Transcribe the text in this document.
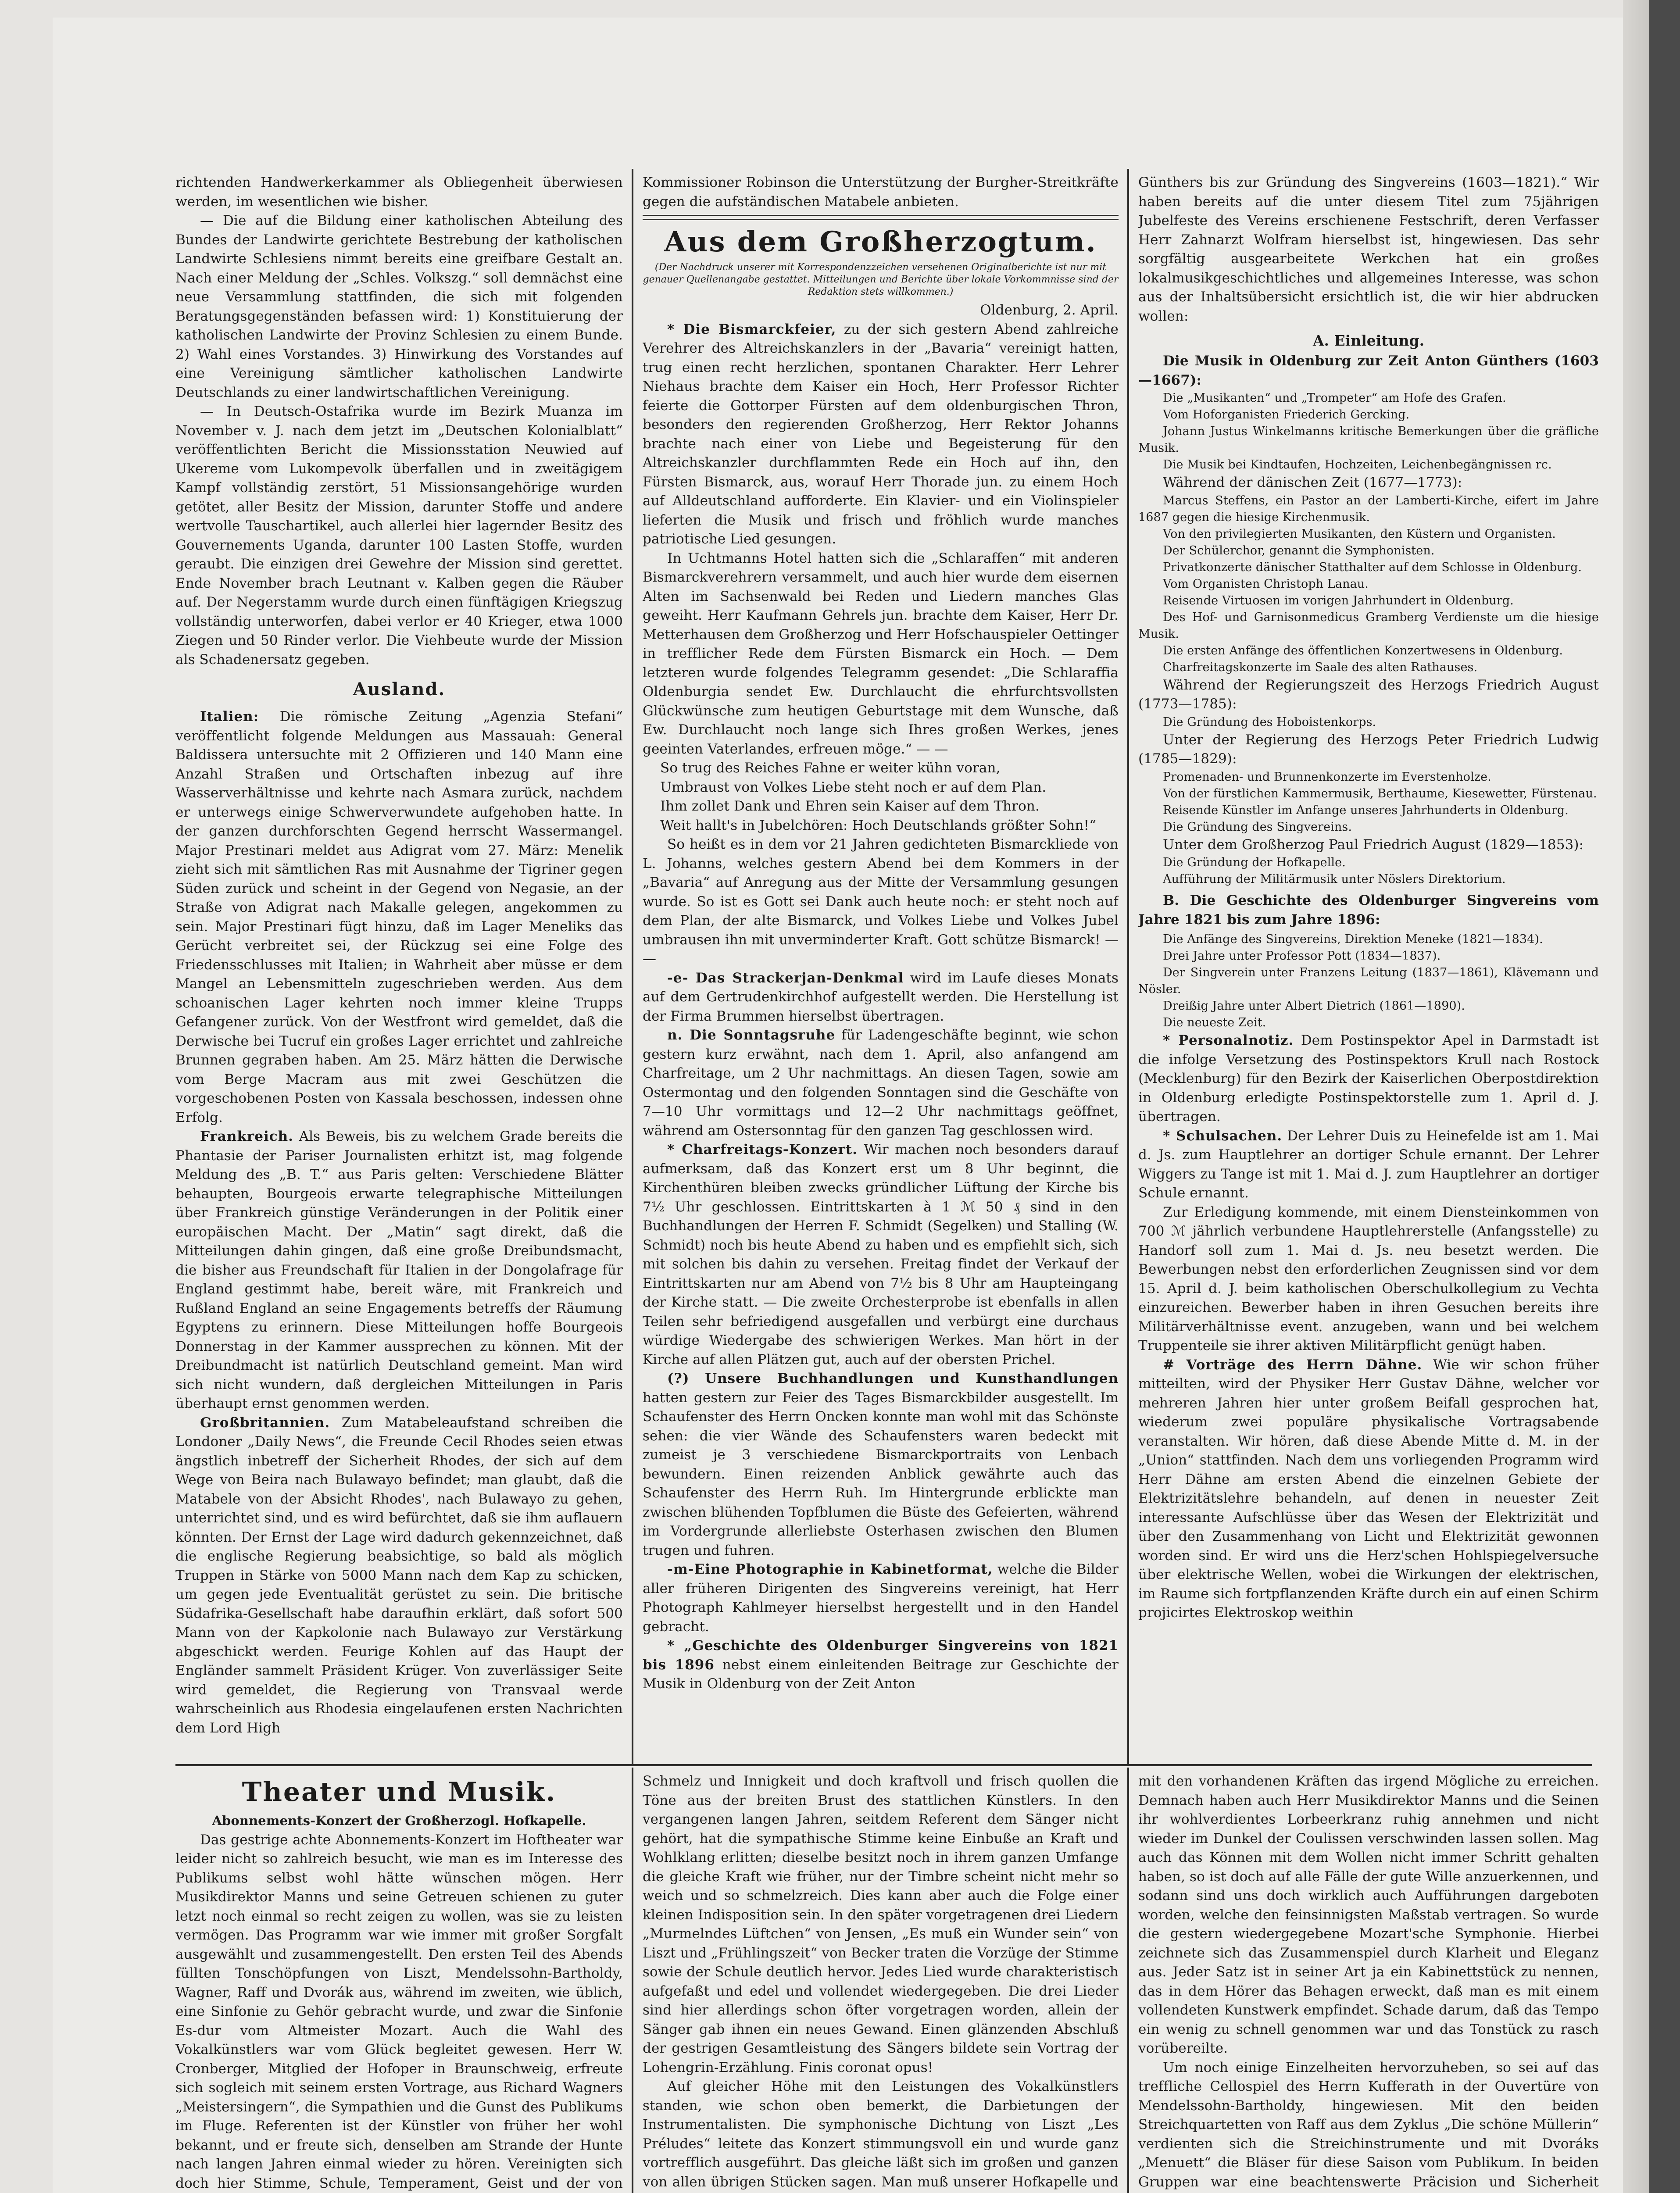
richtenden Handwerkerkammer als Obliegenheit überwiesen werden, im wesentlichen wie bisher.

— Die auf die Bildung einer katholischen Abteilung des Bundes der Landwirte gerichtete Bestrebung der katholischen Landwirte Schlesiens nimmt bereits eine greifbare Gestalt an. Nach einer Meldung der „Schles. Volkszg.“ soll demnächst eine neue Versammlung stattfinden, die sich mit folgenden Beratungsgegenständen befassen wird: 1) Konstituierung der katholischen Landwirte der Provinz Schlesien zu einem Bunde. 2) Wahl eines Vorstandes. 3) Hinwirkung des Vorstandes auf eine Vereinigung sämtlicher katholischen Landwirte Deutschlands zu einer landwirtschaftlichen Vereinigung.

— In Deutsch-Ostafrika wurde im Bezirk Muanza im November v. J. nach dem jetzt im „Deutschen Kolonialblatt“ veröffentlichten Bericht die Missionsstation Neuwied auf Ukereme vom Lukompevolk überfallen und in zweitägigem Kampf vollständig zerstört, 51 Missionsangehörige wurden getötet, aller Besitz der Mission, darunter Stoffe und andere wertvolle Tauschartikel, auch allerlei hier lagernder Besitz des Gouvernements Uganda, darunter 100 Lasten Stoffe, wurden geraubt. Die einzigen drei Gewehre der Mission sind gerettet. Ende November brach Leutnant v. Kalben gegen die Räuber auf. Der Negerstamm wurde durch einen fünftägigen Kriegszug vollständig unterworfen, dabei verlor er 40 Krieger, etwa 1000 Ziegen und 50 Rinder verlor. Die Viehbeute wurde der Mission als Schadenersatz gegeben.

Ausland.

Italien: Die römische Zeitung „Agenzia Stefani“ veröffentlicht folgende Meldungen aus Massauah: General Baldissera untersuchte mit 2 Offizieren und 140 Mann eine Anzahl Straßen und Ortschaften inbezug auf ihre Wasserverhältnisse und kehrte nach Asmara zurück, nachdem er unterwegs einige Schwerverwundete aufgehoben hatte. In der ganzen durchforschten Gegend herrscht Wassermangel. Major Prestinari meldet aus Adigrat vom 27. März: Menelik zieht sich mit sämtlichen Ras mit Ausnahme der Tigriner gegen Süden zurück und scheint in der Gegend von Negasie, an der Straße von Adigrat nach Makalle gelegen, angekommen zu sein. Major Prestinari fügt hinzu, daß im Lager Meneliks das Gerücht verbreitet sei, der Rückzug sei eine Folge des Friedensschlusses mit Italien; in Wahrheit aber müsse er dem Mangel an Lebensmitteln zugeschrieben werden. Aus dem schoanischen Lager kehrten noch immer kleine Trupps Gefangener zurück. Von der Westfront wird gemeldet, daß die Derwische bei Tucruf ein großes Lager errichtet und zahlreiche Brunnen gegraben haben. Am 25. März hätten die Derwische vom Berge Macram aus mit zwei Geschützen die vorgeschobenen Posten von Kassala beschossen, indessen ohne Erfolg.

Frankreich. Als Beweis, bis zu welchem Grade bereits die Phantasie der Pariser Journalisten erhitzt ist, mag folgende Meldung des „B. T.“ aus Paris gelten: Verschiedene Blätter behaupten, Bourgeois erwarte telegraphische Mitteilungen über Frankreich günstige Veränderungen in der Politik einer europäischen Macht. Der „Matin“ sagt direkt, daß die Mitteilungen dahin gingen, daß eine große Dreibundsmacht, die bisher aus Freundschaft für Italien in der Dongolafrage für England gestimmt habe, bereit wäre, mit Frankreich und Rußland England an seine Engagements betreffs der Räumung Egyptens zu erinnern. Diese Mitteilungen hoffe Bourgeois Donnerstag in der Kammer aussprechen zu können. Mit der Dreibundmacht ist natürlich Deutschland gemeint. Man wird sich nicht wundern, daß dergleichen Mitteilungen in Paris überhaupt ernst genommen werden.

Großbritannien. Zum Matabeleaufstand schreiben die Londoner „Daily News“, die Freunde Cecil Rhodes seien etwas ängstlich inbetreff der Sicherheit Rhodes, der sich auf dem Wege von Beira nach Bulawayo befindet; man glaubt, daß die Matabele von der Absicht Rhodes', nach Bulawayo zu gehen, unterrichtet sind, und es wird befürchtet, daß sie ihm auflauern könnten. Der Ernst der Lage wird dadurch gekennzeichnet, daß die englische Regierung beabsichtige, so bald als möglich Truppen in Stärke von 5000 Mann nach dem Kap zu schicken, um gegen jede Eventualität gerüstet zu sein. Die britische Südafrika-Gesellschaft habe daraufhin erklärt, daß sofort 500 Mann von der Kapkolonie nach Bulawayo zur Verstärkung abgeschickt werden. Feurige Kohlen auf das Haupt der Engländer sammelt Präsident Krüger. Von zuverlässiger Seite wird gemeldet, die Regierung von Transvaal werde wahrscheinlich aus Rhodesia eingelaufenen ersten Nachrichten dem Lord High

Kommissioner Robinson die Unterstützung der Burgher-Streitkräfte gegen die aufständischen Matabele anbieten.

Aus dem Großherzogtum.
(Der Nachdruck unserer mit Korrespondenzzeichen versehenen Originalberichte ist nur mit genauer Quellenangabe gestattet. Mitteilungen und Berichte über lokale Vorkommnisse sind der Redaktion stets willkommen.)

Oldenburg, 2. April.

* Die Bismarckfeier, zu der sich gestern Abend zahlreiche Verehrer des Altreichskanzlers in der „Bavaria“ vereinigt hatten, trug einen recht herzlichen, spontanen Charakter. Herr Lehrer Niehaus brachte dem Kaiser ein Hoch, Herr Professor Richter feierte die Gottorper Fürsten auf dem oldenburgischen Thron, besonders den regierenden Großherzog, Herr Rektor Johanns brachte nach einer von Liebe und Begeisterung für den Altreichskanzler durchflammten Rede ein Hoch auf ihn, den Fürsten Bismarck, aus, worauf Herr Thorade jun. zu einem Hoch auf Alldeutschland aufforderte. Ein Klavier- und ein Violinspieler lieferten die Musik und frisch und fröhlich wurde manches patriotische Lied gesungen.

In Uchtmanns Hotel hatten sich die „Schlaraffen“ mit anderen Bismarckverehrern versammelt, und auch hier wurde dem eisernen Alten im Sachsenwald bei Reden und Liedern manches Glas geweiht. Herr Kaufmann Gehrels jun. brachte dem Kaiser, Herr Dr. Metterhausen dem Großherzog und Herr Hofschauspieler Oettinger in trefflicher Rede dem Fürsten Bismarck ein Hoch. — Dem letzteren wurde folgendes Telegramm gesendet: „Die Schlaraffia Oldenburgia sendet Ew. Durchlaucht die ehrfurchtsvollsten Glückwünsche zum heutigen Geburtstage mit dem Wunsche, daß Ew. Durchlaucht noch lange sich Ihres großen Werkes, jenes geeinten Vaterlandes, erfreuen möge.“ — —

So trug des Reiches Fahne er weiter kühn voran,

Umbraust von Volkes Liebe steht noch er auf dem Plan.

Ihm zollet Dank und Ehren sein Kaiser auf dem Thron.

Weit hallt's in Jubelchören: Hoch Deutschlands größter Sohn!“

So heißt es in dem vor 21 Jahren gedichteten Bismarckliede von L. Johanns, welches gestern Abend bei dem Kommers in der „Bavaria“ auf Anregung aus der Mitte der Versammlung gesungen wurde. So ist es Gott sei Dank auch heute noch: er steht noch auf dem Plan, der alte Bismarck, und Volkes Liebe und Volkes Jubel umbrausen ihn mit unverminderter Kraft. Gott schütze Bismarck! — —

-e- Das Strackerjan-Denkmal wird im Laufe dieses Monats auf dem Gertrudenkirchhof aufgestellt werden. Die Herstellung ist der Firma Brummen hierselbst übertragen.

n. Die Sonntagsruhe für Ladengeschäfte beginnt, wie schon gestern kurz erwähnt, nach dem 1. April, also anfangend am Charfreitage, um 2 Uhr nachmittags. An diesen Tagen, sowie am Ostermontag und den folgenden Sonntagen sind die Geschäfte von 7—10 Uhr vormittags und 12—2 Uhr nachmittags geöffnet, während am Ostersonntag für den ganzen Tag geschlossen wird.

* Charfreitags-Konzert. Wir machen noch besonders darauf aufmerksam, daß das Konzert erst um 8 Uhr beginnt, die Kirchenthüren bleiben zwecks gründlicher Lüftung der Kirche bis 7½ Uhr geschlossen. Eintrittskarten à 1 ℳ 50 ₰ sind in den Buchhandlungen der Herren F. Schmidt (Segelken) und Stalling (W. Schmidt) noch bis heute Abend zu haben und es empfiehlt sich, sich mit solchen bis dahin zu versehen. Freitag findet der Verkauf der Eintrittskarten nur am Abend von 7½ bis 8 Uhr am Haupteingang der Kirche statt. — Die zweite Orchesterprobe ist ebenfalls in allen Teilen sehr befriedigend ausgefallen und verbürgt eine durchaus würdige Wiedergabe des schwierigen Werkes. Man hört in der Kirche auf allen Plätzen gut, auch auf der obersten Prichel.

(?) Unsere Buchhandlungen und Kunsthandlungen hatten gestern zur Feier des Tages Bismarckbilder ausgestellt. Im Schaufenster des Herrn Oncken konnte man wohl mit das Schönste sehen: die vier Wände des Schaufensters waren bedeckt mit zumeist je 3 verschiedene Bismarckportraits von Lenbach bewundern. Einen reizenden Anblick gewährte auch das Schaufenster des Herrn Ruh. Im Hintergrunde erblickte man zwischen blühenden Topfblumen die Büste des Gefeierten, während im Vordergrunde allerliebste Osterhasen zwischen den Blumen trugen und fuhren.

-m-Eine Photographie in Kabinetformat, welche die Bilder aller früheren Dirigenten des Singvereins vereinigt, hat Herr Photograph Kahlmeyer hierselbst hergestellt und in den Handel gebracht.

* „Geschichte des Oldenburger Singvereins von 1821 bis 1896 nebst einem einleitenden Beitrage zur Geschichte der Musik in Oldenburg von der Zeit Anton

Günthers bis zur Gründung des Singvereins (1603—1821).“ Wir haben bereits auf die unter diesem Titel zum 75jährigen Jubelfeste des Vereins erschienene Festschrift, deren Verfasser Herr Zahnarzt Wolfram hierselbst ist, hingewiesen. Das sehr sorgfältig ausgearbeitete Werkchen hat ein großes lokalmusikgeschichtliches und allgemeines Interesse, was schon aus der Inhaltsübersicht ersichtlich ist, die wir hier abdrucken wollen:

A. Einleitung.

Die Musik in Oldenburg zur Zeit Anton Günthers (1603—1667):

Die „Musikanten“ und „Trompeter“ am Hofe des Grafen.

Vom Hoforganisten Friederich Gercking.

Johann Justus Winkelmanns kritische Bemerkungen über die gräfliche Musik.

Die Musik bei Kindtaufen, Hochzeiten, Leichenbegängnissen rc.

Während der dänischen Zeit (1677—1773):

Marcus Steffens, ein Pastor an der Lamberti-Kirche, eifert im Jahre 1687 gegen die hiesige Kirchenmusik.

Von den privilegierten Musikanten, den Küstern und Organisten.

Der Schülerchor, genannt die Symphonisten.

Privatkonzerte dänischer Statthalter auf dem Schlosse in Oldenburg.

Vom Organisten Christoph Lanau.

Reisende Virtuosen im vorigen Jahrhundert in Oldenburg.

Des Hof- und Garnisonmedicus Gramberg Verdienste um die hiesige Musik.

Die ersten Anfänge des öffentlichen Konzertwesens in Oldenburg.

Charfreitagskonzerte im Saale des alten Rathauses.

Während der Regierungszeit des Herzogs Friedrich August (1773—1785):

Die Gründung des Hoboistenkorps.

Unter der Regierung des Herzogs Peter Friedrich Ludwig (1785—1829):

Promenaden- und Brunnenkonzerte im Everstenholze.

Von der fürstlichen Kammermusik, Berthaume, Kiesewetter, Fürstenau.

Reisende Künstler im Anfange unseres Jahrhunderts in Oldenburg.

Die Gründung des Singvereins.

Unter dem Großherzog Paul Friedrich August (1829—1853):

Die Gründung der Hofkapelle.

Aufführung der Militärmusik unter Nöslers Direktorium.

B. Die Geschichte des Oldenburger Singvereins vom Jahre 1821 bis zum Jahre 1896:

Die Anfänge des Singvereins, Direktion Meneke (1821—1834).

Drei Jahre unter Professor Pott (1834—1837).

Der Singverein unter Franzens Leitung (1837—1861), Klävemann und Nösler.

Dreißig Jahre unter Albert Dietrich (1861—1890).

Die neueste Zeit.

* Personalnotiz. Dem Postinspektor Apel in Darmstadt ist die infolge Versetzung des Postinspektors Krull nach Rostock (Mecklenburg) für den Bezirk der Kaiserlichen Oberpostdirektion in Oldenburg erledigte Postinspektorstelle zum 1. April d. J. übertragen.

* Schulsachen. Der Lehrer Duis zu Heinefelde ist am 1. Mai d. Js. zum Hauptlehrer an dortiger Schule ernannt. Der Lehrer Wiggers zu Tange ist mit 1. Mai d. J. zum Hauptlehrer an dortiger Schule ernannt.

Zur Erledigung kommende, mit einem Diensteinkommen von 700 ℳ jährlich verbundene Hauptlehrerstelle (Anfangsstelle) zu Handorf soll zum 1. Mai d. Js. neu besetzt werden. Die Bewerbungen nebst den erforderlichen Zeugnissen sind vor dem 15. April d. J. beim katholischen Oberschulkollegium zu Vechta einzureichen. Bewerber haben in ihren Gesuchen bereits ihre Militärverhältnisse event. anzugeben, wann und bei welchem Truppenteile sie ihrer aktiven Militärpflicht genügt haben.

# Vorträge des Herrn Dähne. Wie wir schon früher mitteilten, wird der Physiker Herr Gustav Dähne, welcher vor mehreren Jahren hier unter großem Beifall gesprochen hat, wiederum zwei populäre physikalische Vortragsabende veranstalten. Wir hören, daß diese Abende Mitte d. M. in der „Union“ stattfinden. Nach dem uns vorliegenden Programm wird Herr Dähne am ersten Abend die einzelnen Gebiete der Elektrizitätslehre behandeln, auf denen in neuester Zeit interessante Aufschlüsse über das Wesen der Elektrizität und über den Zusammenhang von Licht und Elektrizität gewonnen worden sind. Er wird uns die Herz'schen Hohlspiegelversuche über elektrische Wellen, wobei die Wirkungen der elektrischen, im Raume sich fortpflanzenden Kräfte durch ein auf einen Schirm projicirtes Elektroskop weithin

Theater und Musik.

Abonnements-Konzert der Großherzogl. Hofkapelle.

Das gestrige achte Abonnements-Konzert im Hoftheater war leider nicht so zahlreich besucht, wie man es im Interesse des Publikums selbst wohl hätte wünschen mögen. Herr Musikdirektor Manns und seine Getreuen schienen zu guter letzt noch einmal so recht zeigen zu wollen, was sie zu leisten vermögen. Das Programm war wie immer mit großer Sorgfalt ausgewählt und zusammengestellt. Den ersten Teil des Abends füllten Tonschöpfungen von Liszt, Mendelssohn-Bartholdy, Wagner, Raff und Dvorák aus, während im zweiten, wie üblich, eine Sinfonie zu Gehör gebracht wurde, und zwar die Sinfonie Es-dur vom Altmeister Mozart. Auch die Wahl des Vokalkünstlers war vom Glück begleitet gewesen. Herr W. Cronberger, Mitglied der Hofoper in Braunschweig, erfreute sich sogleich mit seinem ersten Vortrage, aus Richard Wagners „Meistersingern“, die Sympathien und die Gunst des Publikums im Fluge. Referenten ist der Künstler von früher her wohl bekannt, und er freute sich, denselben am Strande der Hunte nach langen Jahren einmal wieder zu hören. Vereinigten sich doch hier Stimme, Schule, Temperament, Geist und der von

Schmelz und Innigkeit und doch kraftvoll und frisch quollen die Töne aus der breiten Brust des stattlichen Künstlers. In den vergangenen langen Jahren, seitdem Referent dem Sänger nicht gehört, hat die sympathische Stimme keine Einbuße an Kraft und Wohlklang erlitten; dieselbe besitzt noch in ihrem ganzen Umfange die gleiche Kraft wie früher, nur der Timbre scheint nicht mehr so weich und so schmelzreich. Dies kann aber auch die Folge einer kleinen Indisposition sein. In den später vorgetragenen drei Liedern „Murmelndes Lüftchen“ von Jensen, „Es muß ein Wunder sein“ von Liszt und „Frühlingszeit“ von Becker traten die Vorzüge der Stimme sowie der Schule deutlich hervor. Jedes Lied wurde charakteristisch aufgefaßt und edel und vollendet wiedergegeben. Die drei Lieder sind hier allerdings schon öfter vorgetragen worden, allein der Sänger gab ihnen ein neues Gewand. Einen glänzenden Abschluß der gestrigen Gesamtleistung des Sängers bildete sein Vortrag der Lohengrin-Erzählung. Finis coronat opus!

Auf gleicher Höhe mit den Leistungen des Vokalkünstlers standen, wie schon oben bemerkt, die Darbietungen der Instrumentalisten. Die symphonische Dichtung von Liszt „Les Préludes“ leitete das Konzert stimmungsvoll ein und wurde ganz vortrefflich ausgeführt. Das gleiche läßt sich im großen und ganzen von allen übrigen Stücken sagen. Man muß unserer Hofkapelle und

mit den vorhandenen Kräften das irgend Mögliche zu erreichen. Demnach haben auch Herr Musikdirektor Manns und die Seinen ihr wohlverdientes Lorbeerkranz ruhig annehmen und nicht wieder im Dunkel der Coulissen verschwinden lassen sollen. Mag auch das Können mit dem Wollen nicht immer Schritt gehalten haben, so ist doch auf alle Fälle der gute Wille anzuerkennen, und sodann sind uns doch wirklich auch Aufführungen dargeboten worden, welche den feinsinnigsten Maßstab vertragen. So wurde die gestern wiedergegebene Mozart'sche Symphonie. Hierbei zeichnete sich das Zusammenspiel durch Klarheit und Eleganz aus. Jeder Satz ist in seiner Art ja ein Kabinettstück zu nennen, das in dem Hörer das Behagen erweckt, daß man es mit einem vollendeten Kunstwerk empfindet. Schade darum, daß das Tempo ein wenig zu schnell genommen war und das Tonstück zu rasch vorübereilte.

Um noch einige Einzelheiten hervorzuheben, so sei auf das treffliche Cellospiel des Herrn Kufferath in der Ouvertüre von Mendelssohn-Bartholdy, hingewiesen. Mit den beiden Streichquartetten von Raff aus dem Zyklus „Die schöne Müllerin“ verdienten sich die Streichinstrumente und mit Dvoráks „Menuett“ die Bläser für diese Saison vom Publikum. In beiden Gruppen war eine beachtenswerte Präcision und Sicherheit
